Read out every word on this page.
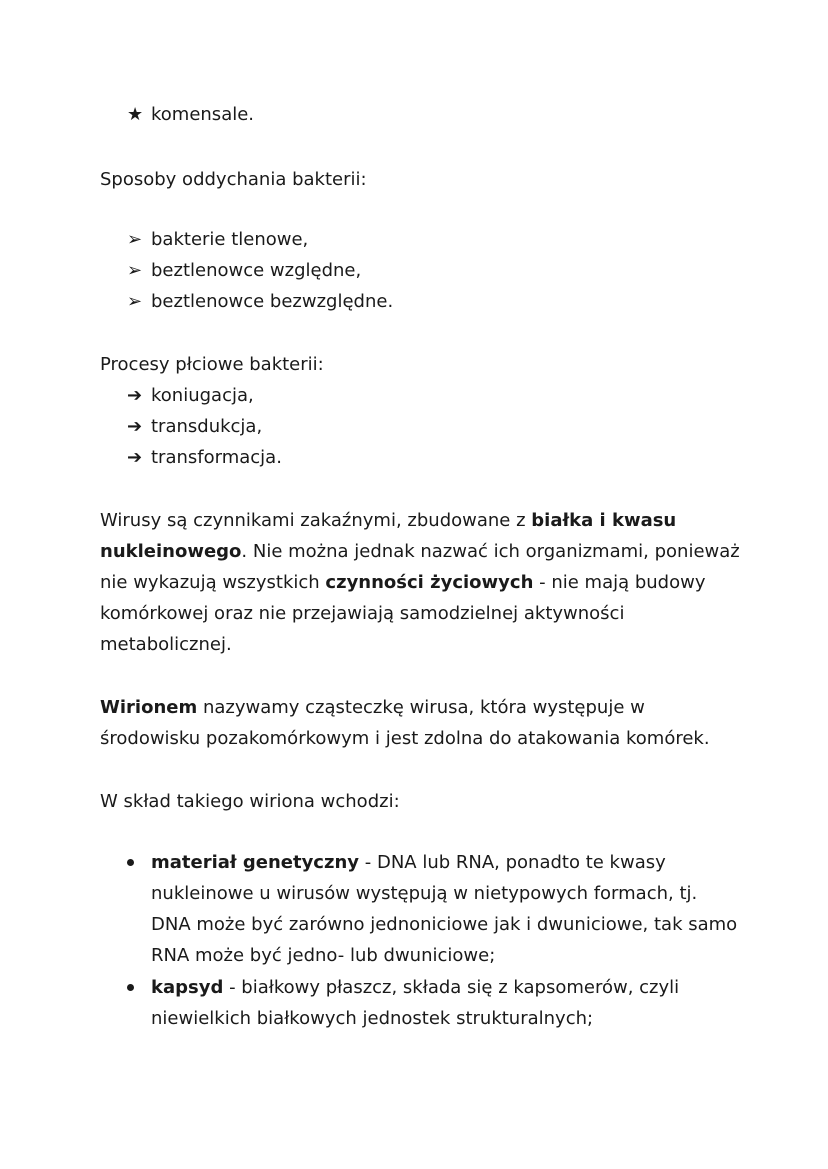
★ komensale.
Sposoby oddychania bakterii:
➢ bakterie tlenowe,
➢ beztlenowce względne,
➢ beztlenowce bezwzględne.
Procesy płciowe bakterii:
➔ koniugacja,
➔ transdukcja,
➔ transformacja.
Wirusy są czynnikami zakaźnymi, zbudowane z białka i kwasu
nukleinowego. Nie można jednak nazwać ich organizmami, ponieważ
nie wykazują wszystkich czynności życiowych - nie mają budowy
komórkowej oraz nie przejawiają samodzielnej aktywności
metabolicznej.
Wirionem nazywamy cząsteczkę wirusa, która występuje w
środowisku pozakomórkowym i jest zdolna do atakowania komórek.
W skład takiego wiriona wchodzi:
materiał genetyczny - DNA lub RNA, ponadto te kwasy
nukleinowe u wirusów występują w nietypowych formach, tj.
DNA może być zarówno jednoniciowe jak i dwuniciowe, tak samo
RNA może być jedno- lub dwuniciowe;
kapsyd - białkowy płaszcz, składa się z kapsomerów, czyli
niewielkich białkowych jednostek strukturalnych;
